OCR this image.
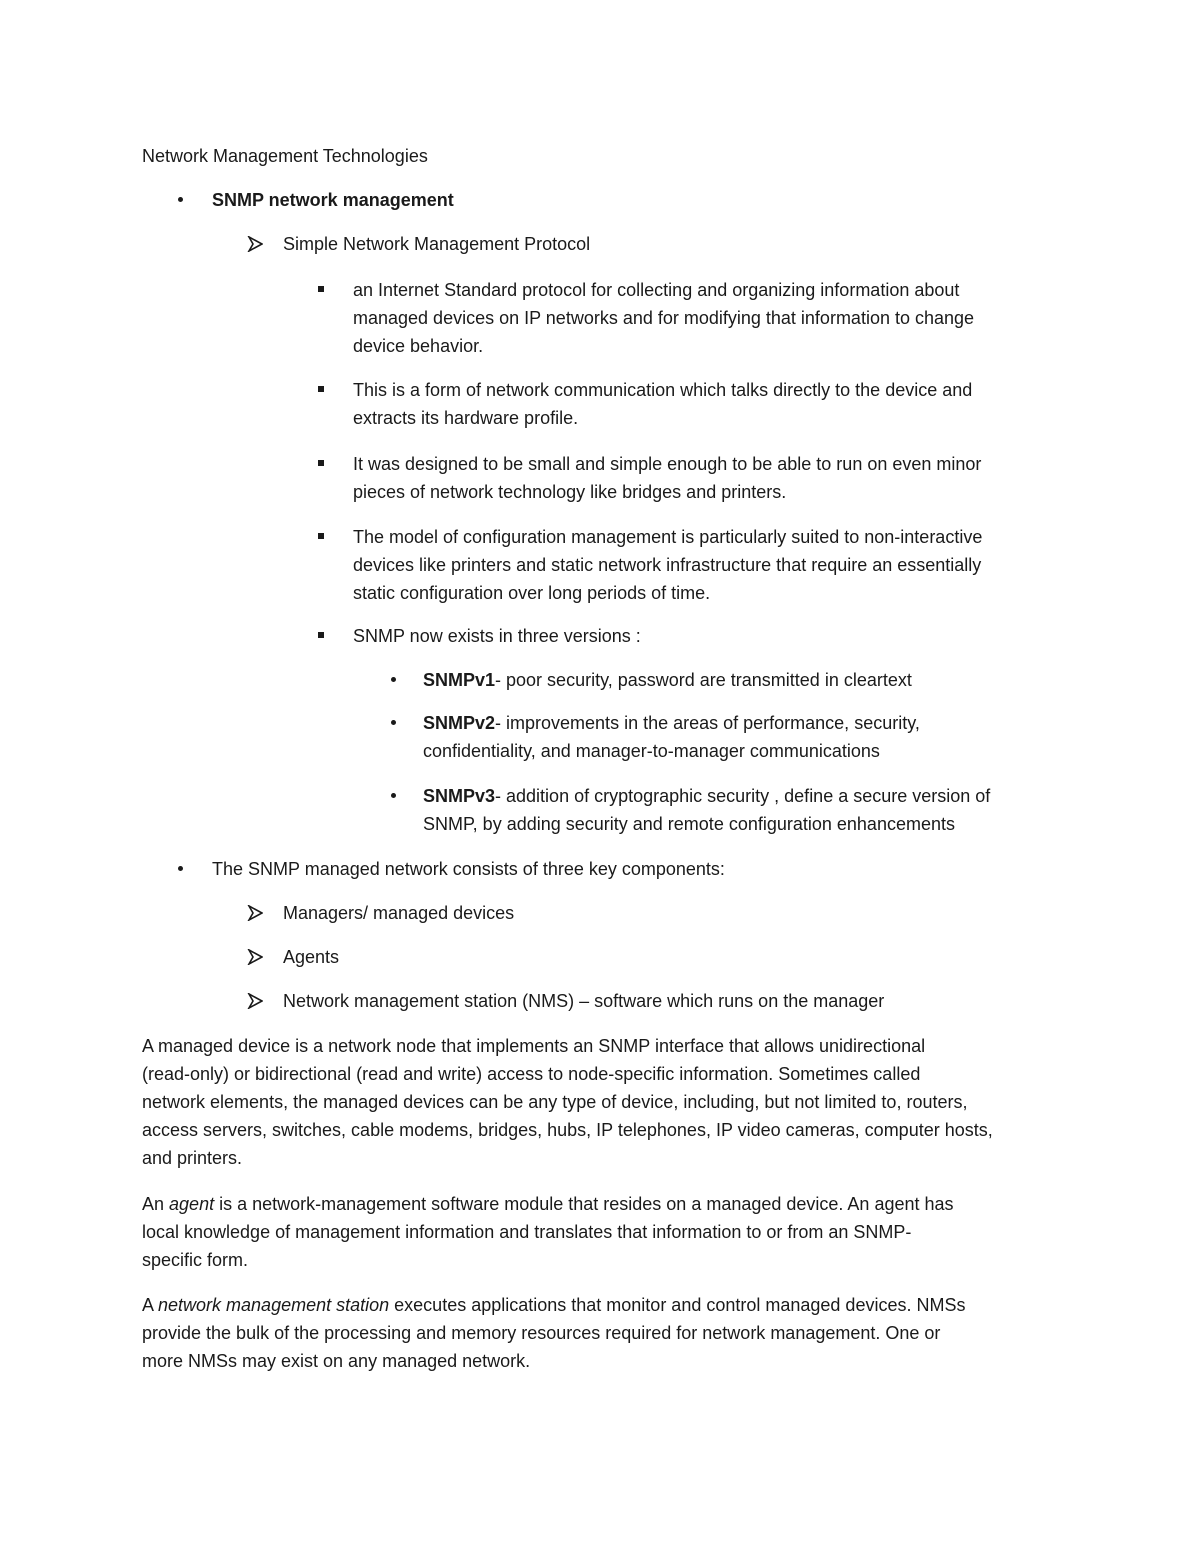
Network Management Technologies
SNMP network management
Simple Network Management Protocol
an Internet Standard protocol for collecting and organizing information about
managed devices on IP networks and for modifying that information to change
device behavior.
This is a form of network communication which talks directly to the device and
extracts its hardware profile.
It was designed to be small and simple enough to be able to run on even minor
pieces of network technology like bridges and printers.
The model of configuration management is particularly suited to non-interactive
devices like printers and static network infrastructure that require an essentially
static configuration over long periods of time.
SNMP now exists in three versions :
SNMPv1- poor security, password are transmitted in cleartext
SNMPv2- improvements in the areas of performance, security,
confidentiality, and manager-to-manager communications
SNMPv3- addition of cryptographic security , define a secure version of
SNMP, by adding security and remote configuration enhancements
The SNMP managed network consists of three key components:
Managers/ managed devices
Agents
Network management station (NMS) – software which runs on the manager
A managed device is a network node that implements an SNMP interface that allows unidirectional
(read-only) or bidirectional (read and write) access to node-specific information. Sometimes called
network elements, the managed devices can be any type of device, including, but not limited to, routers,
access servers, switches, cable modems, bridges, hubs, IP telephones, IP video cameras, computer hosts,
and printers.
An agent is a network-management software module that resides on a managed device. An agent has
local knowledge of management information and translates that information to or from an SNMP-
specific form.
A network management station executes applications that monitor and control managed devices. NMSs
provide the bulk of the processing and memory resources required for network management. One or
more NMSs may exist on any managed network.
